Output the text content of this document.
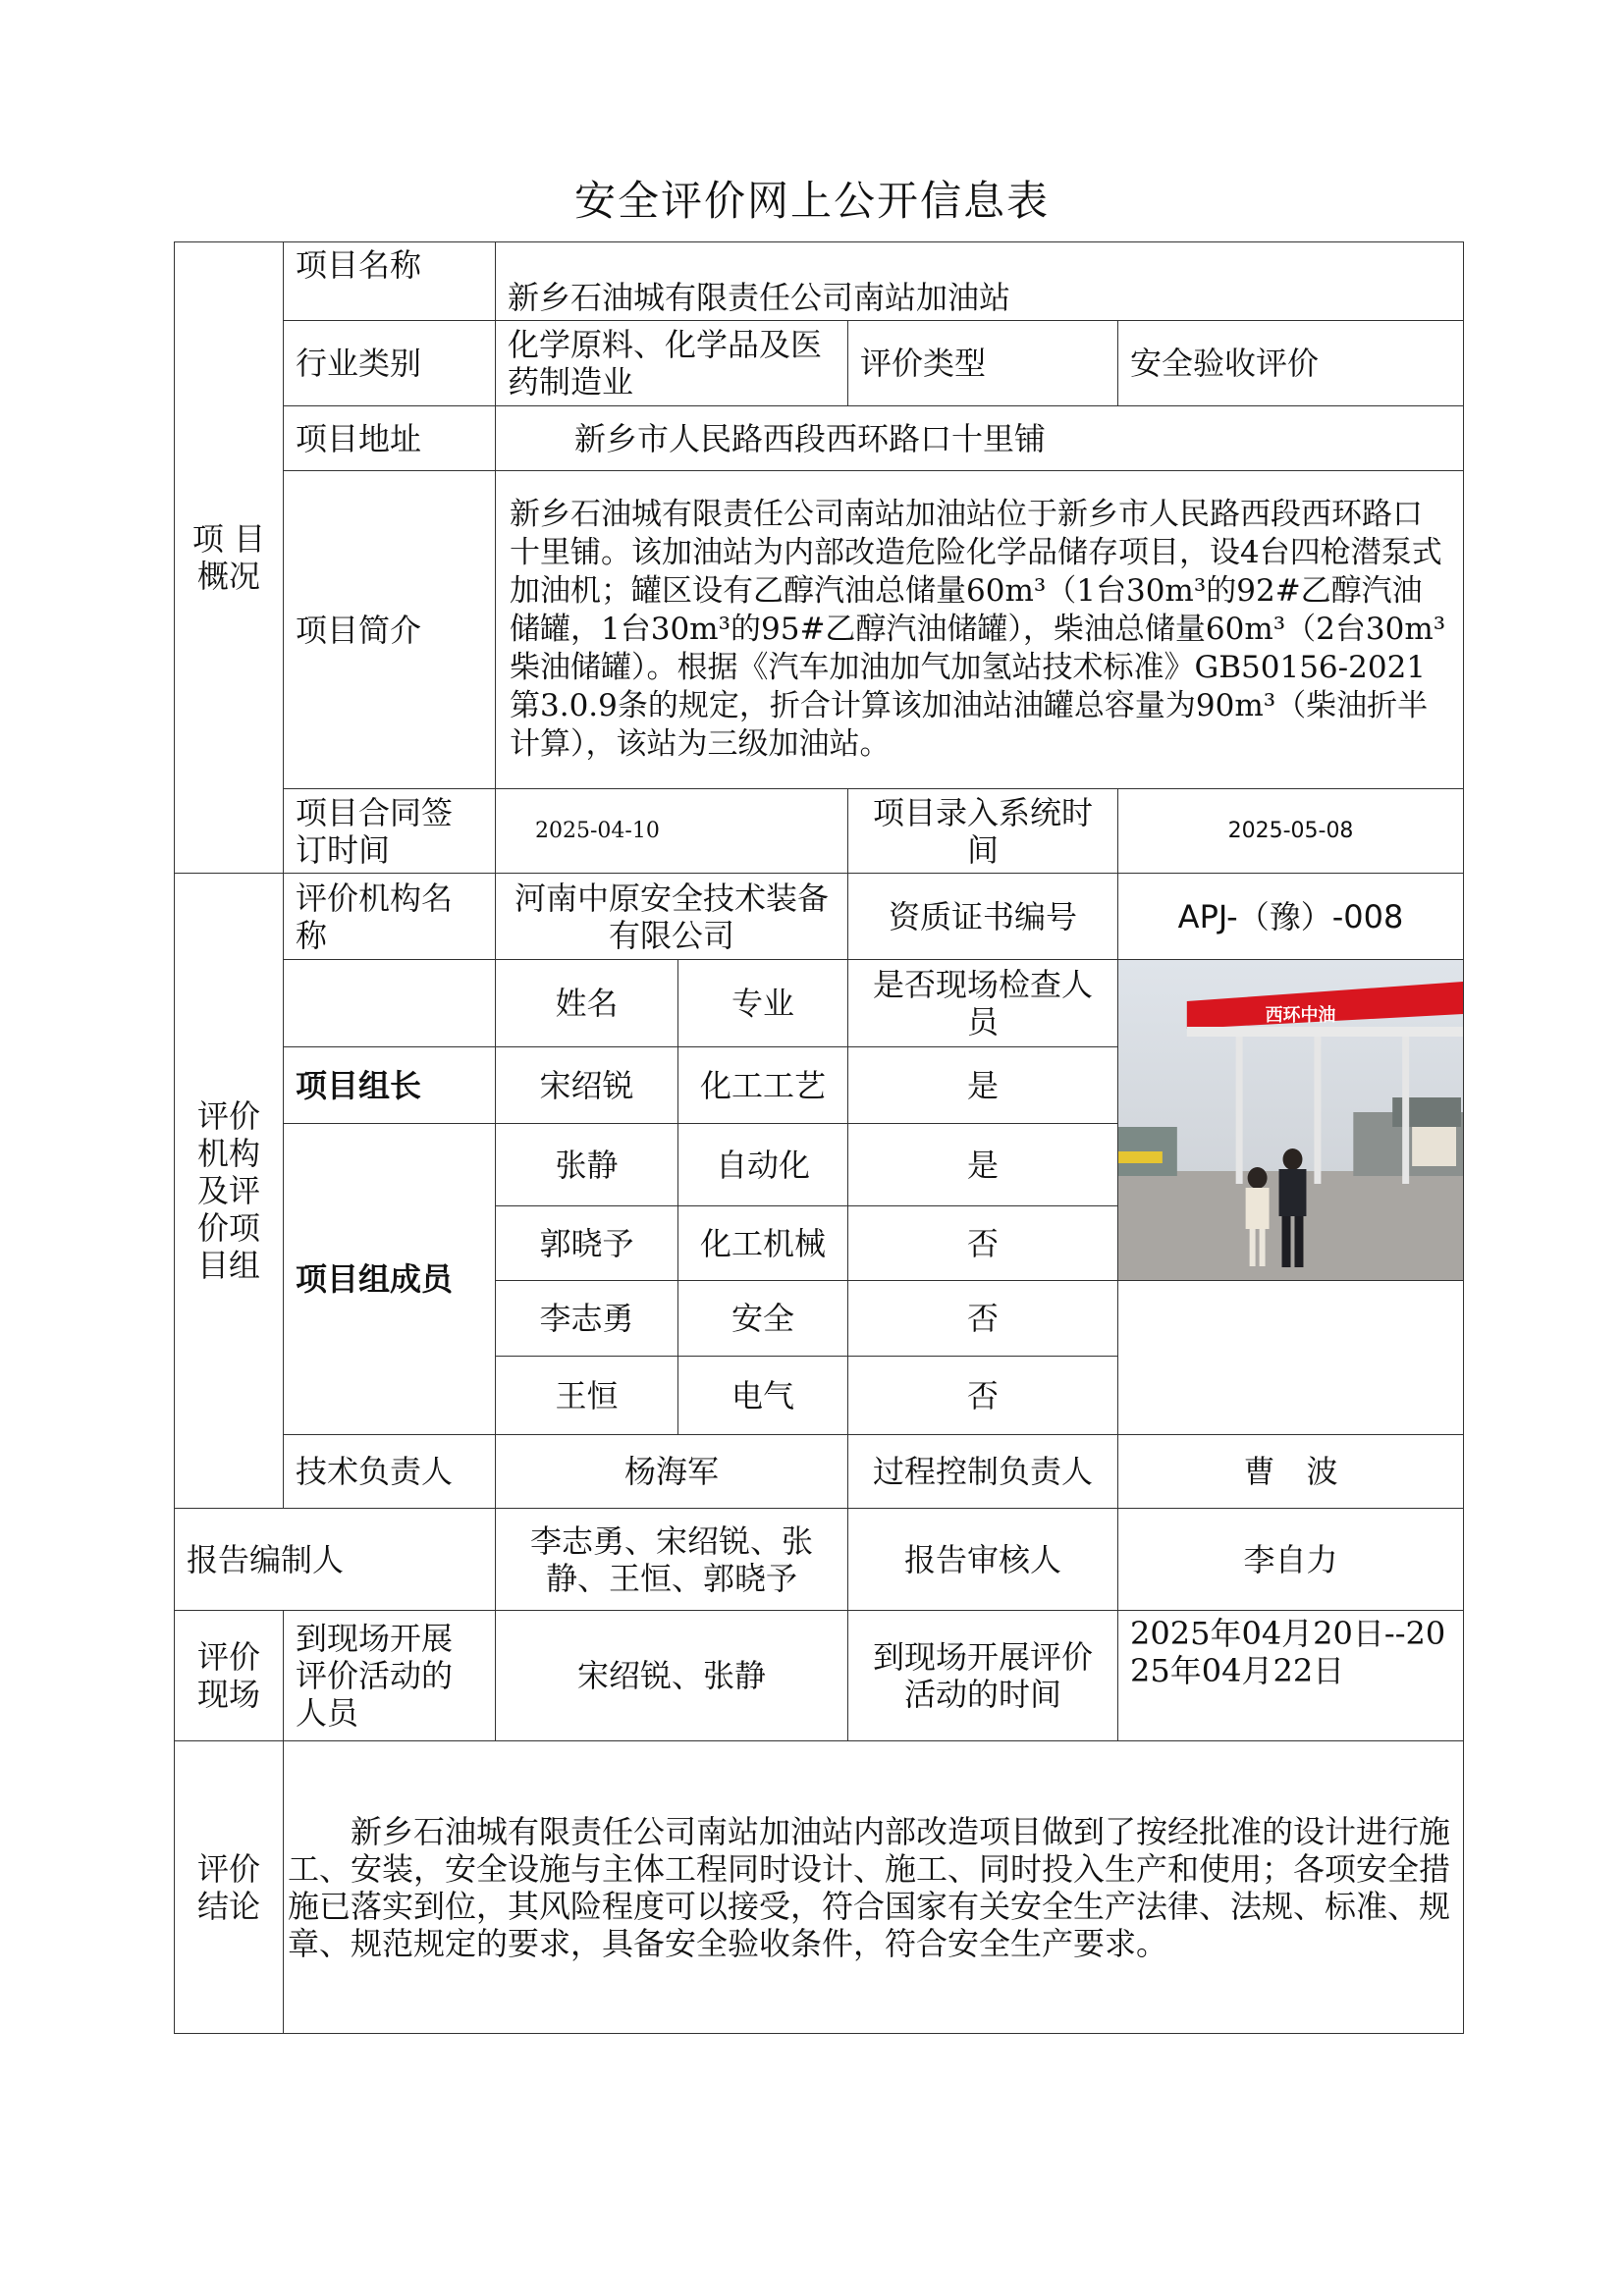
安全评价网上公开信息表
项 目 概况	项目名称	新乡石油城有限责任公司南站加油站		
	行业类别	化学原料、化学品及医药制造业	评价类型	安全验收评价
	项目地址	新乡市人民路西段西环路口十里铺		
	项目简介	新乡石油城有限责任公司南站加油站位于新乡市人民路西段西环路口十里铺。该加油站为内部改造危险化学品储存项目，设4台四枪潜泵式加油机；罐区设有乙醇汽油总储量60m³（1台30m³的92#乙醇汽油储罐，1台30m³的95#乙醇汽油储罐），柴油总储量60m³（2台30m³柴油储罐）。根据《汽车加油加气加氢站技术标准》GB50156-2021第3.0.9条的规定，折合计算该加油站油罐总容量为90m³（柴油折半计算），该站为三级加油站。		
	项目合同签订时间	2025-04-10	项目录入系统时间	2025-05-08
评价机构及评价项目组	评价机构名称	河南中原安全技术装备有限公司		资质证书编号	APJ-（豫）-008
		姓名	专业	是否现场检查人员	西环中油

	项目组长	宋绍锐	化工工艺	是	
	项目组成员	张静	自动化	是	
		郭晓予	化工机械	否	
		李志勇	安全	否	
		王恒	电气	否	
	技术负责人	杨海军		过程控制负责人	曹　波
报告编制人		李志勇、宋绍锐、张静、王恒、郭晓予		报告审核人	李自力
评价现场	到现场开展评价活动的人员	宋绍锐、张静		到现场开展评价活动的时间	2025年04月20日--2025年04月22日
评价结论	新乡石油城有限责任公司南站加油站内部改造项目做到了按经批准的设计进行施工、安装，安全设施与主体工程同时设计、施工、同时投入生产和使用；各项安全措施已落实到位，其风险程度可以接受，符合国家有关安全生产法律、法规、标准、规章、规范规定的要求，具备安全验收条件，符合安全生产要求。				
